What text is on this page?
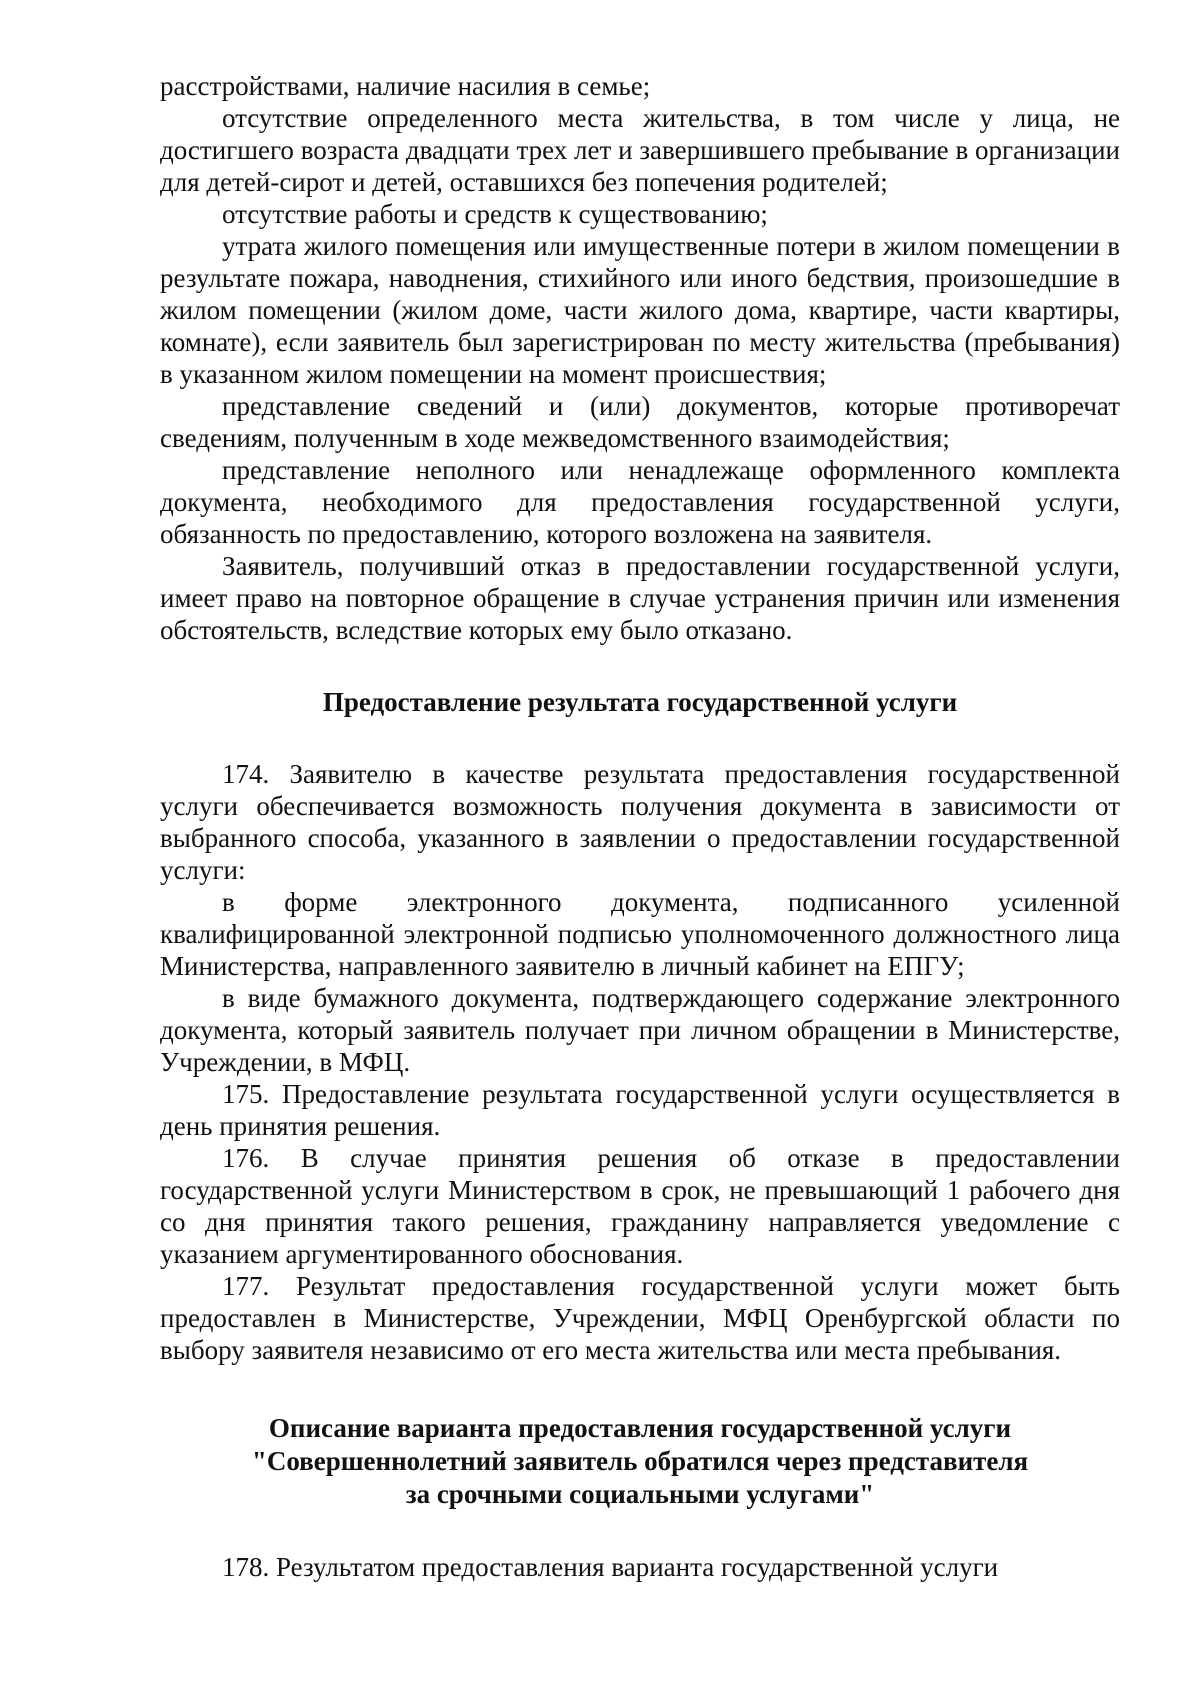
расстройствами, наличие насилия в семье;

отсутствие определенного места жительства, в том числе у лица, не достигшего возраста двадцати трех лет и завершившего пребывание в организации для детей-сирот и детей, оставшихся без попечения родителей;

отсутствие работы и средств к существованию;

утрата жилого помещения или имущественные потери в жилом помещении в результате пожара, наводнения, стихийного или иного бедствия, произошедшие в жилом помещении (жилом доме, части жилого дома, квартире, части квартиры, комнате), если заявитель был зарегистрирован по месту жительства (пребывания) в указанном жилом помещении на момент происшествия;

представление сведений и (или) документов, которые противоречат сведениям, полученным в ходе межведомственного взаимодействия;

представление неполного или ненадлежаще оформленного комплекта документа, необходимого для предоставления государственной услуги, обязанность по предоставлению, которого возложена на заявителя.

Заявитель, получивший отказ в предоставлении государственной услуги, имеет право на повторное обращение в случае устранения причин или изменения обстоятельств, вследствие которых ему было отказано.

Предоставление результата государственной услуги

174. Заявителю в качестве результата предоставления государственной услуги обеспечивается возможность получения документа в зависимости от выбранного способа, указанного в заявлении о предоставлении государственной услуги:

в форме электронного документа, подписанного усиленной квалифицированной электронной подписью уполномоченного должностного лица Министерства, направленного заявителю в личный кабинет на ЕПГУ;

в виде бумажного документа, подтверждающего содержание электронного документа, который заявитель получает при личном обращении в Министерстве, Учреждении, в МФЦ.

175. Предоставление результата государственной услуги осуществляется в день принятия решения.

176. В случае принятия решения об отказе в предоставлении государственной услуги Министерством в срок, не превышающий 1 рабочего дня со дня принятия такого решения, гражданину направляется уведомление с указанием аргументированного обоснования.

177. Результат предоставления государственной услуги может быть предоставлен в Министерстве, Учреждении, МФЦ Оренбургской области по выбору заявителя независимо от его места жительства или места пребывания.

Описание варианта предоставления государственной услуги
"Совершеннолетний заявитель обратился через представителя
за срочными социальными услугами"

178. Результатом предоставления варианта государственной услуги
